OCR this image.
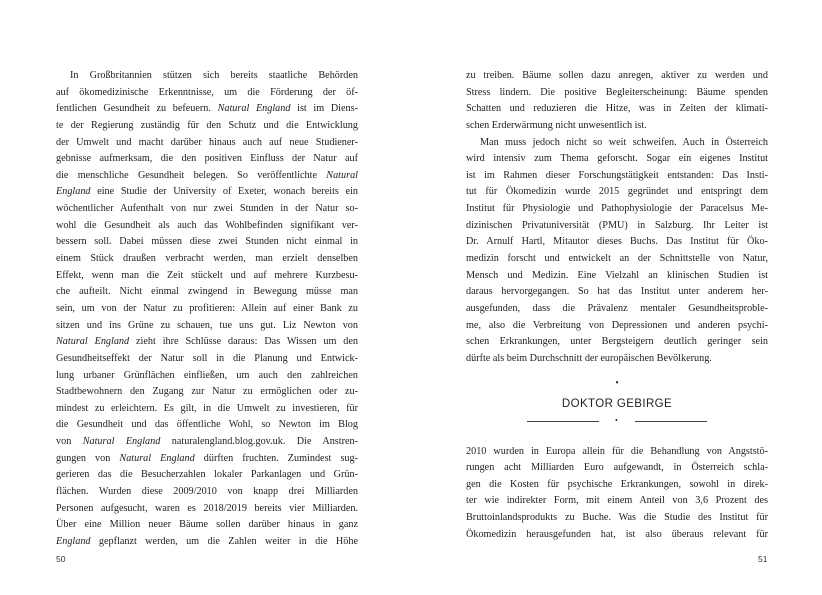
In Großbritannien stützen sich bereits staatliche Behörden
auf ökomedizinische Erkenntnisse, um die Förderung der öf-
fentlichen Gesundheit zu befeuern. Natural England ist im Diens-
te der Regierung zuständig für den Schutz und die Entwicklung
der Umwelt und macht darüber hinaus auch auf neue Studiener-
gebnisse aufmerksam, die den positiven Einfluss der Natur auf
die menschliche Gesundheit belegen. So veröffentlichte Natural
England eine Studie der University of Exeter, wonach bereits ein
wöchentlicher Aufenthalt von nur zwei Stunden in der Natur so-
wohl die Gesundheit als auch das Wohlbefinden signifikant ver-
bessern soll. Dabei müssen diese zwei Stunden nicht einmal in
einem Stück draußen verbracht werden, man erzielt denselben
Effekt, wenn man die Zeit stückelt und auf mehrere Kurzbesu-
che aufteilt. Nicht einmal zwingend in Bewegung müsse man
sein, um von der Natur zu profitieren: Allein auf einer Bank zu
sitzen und ins Grüne zu schauen, tue uns gut. Liz Newton von
Natural England zieht ihre Schlüsse daraus: Das Wissen um den
Gesundheitseffekt der Natur soll in die Planung und Entwick-
lung urbaner Grünflächen einfließen, um auch den zahlreichen
Stadtbewohnern den Zugang zur Natur zu ermöglichen oder zu-
mindest zu erleichtern. Es gilt, in die Umwelt zu investieren, für
die Gesundheit und das öffentliche Wohl, so Newton im Blog
von Natural England naturalengland.blog.gov.uk. Die Anstren-
gungen von Natural England dürften fruchten. Zumindest sug-
gerieren das die Besucherzahlen lokaler Parkanlagen und Grün-
flächen. Wurden diese 2009/2010 von knapp drei Milliarden
Personen aufgesucht, waren es 2018/2019 bereits vier Milliarden.
Über eine Million neuer Bäume sollen darüber hinaus in ganz
England gepflanzt werden, um die Zahlen weiter in die Höhe
zu treiben. Bäume sollen dazu anregen, aktiver zu werden und
Stress lindern. Die positive Begleiterscheinung: Bäume spenden
Schatten und reduzieren die Hitze, was in Zeiten der klimati-
schen Erderwärmung nicht unwesentlich ist.
Man muss jedoch nicht so weit schweifen. Auch in Österreich
wird intensiv zum Thema geforscht. Sogar ein eigenes Institut
ist im Rahmen dieser Forschungstätigkeit entstanden: Das Insti-
tut für Ökomedizin wurde 2015 gegründet und entspringt dem
Institut für Physiologie und Pathophysiologie der Paracelsus Me-
dizinischen Privatuniversität (PMU) in Salzburg. Ihr Leiter ist
Dr. Arnulf Hartl, Mitautor dieses Buchs. Das Institut für Öko-
medizin forscht und entwickelt an der Schnittstelle von Natur,
Mensch und Medizin. Eine Vielzahl an klinischen Studien ist
daraus hervorgegangen. So hat das Institut unter anderem her-
ausgefunden, dass die Prävalenz mentaler Gesundheitsproble-
me, also die Verbreitung von Depressionen und anderen psychi-
schen Erkrankungen, unter Bergsteigern deutlich geringer sein
dürfte als beim Durchschnitt der europäischen Bevölkerung.
•
DOKTOR GEBIRGE
•
2010 wurden in Europa allein für die Behandlung von Angststö-
rungen acht Milliarden Euro aufgewandt, in Österreich schla-
gen die Kosten für psychische Erkrankungen, sowohl in direk-
ter wie indirekter Form, mit einem Anteil von 3,6 Prozent des
Bruttoinlandsprodukts zu Buche. Was die Studie des Institut für
Ökomedizin herausgefunden hat, ist also überaus relevant für
50	51
